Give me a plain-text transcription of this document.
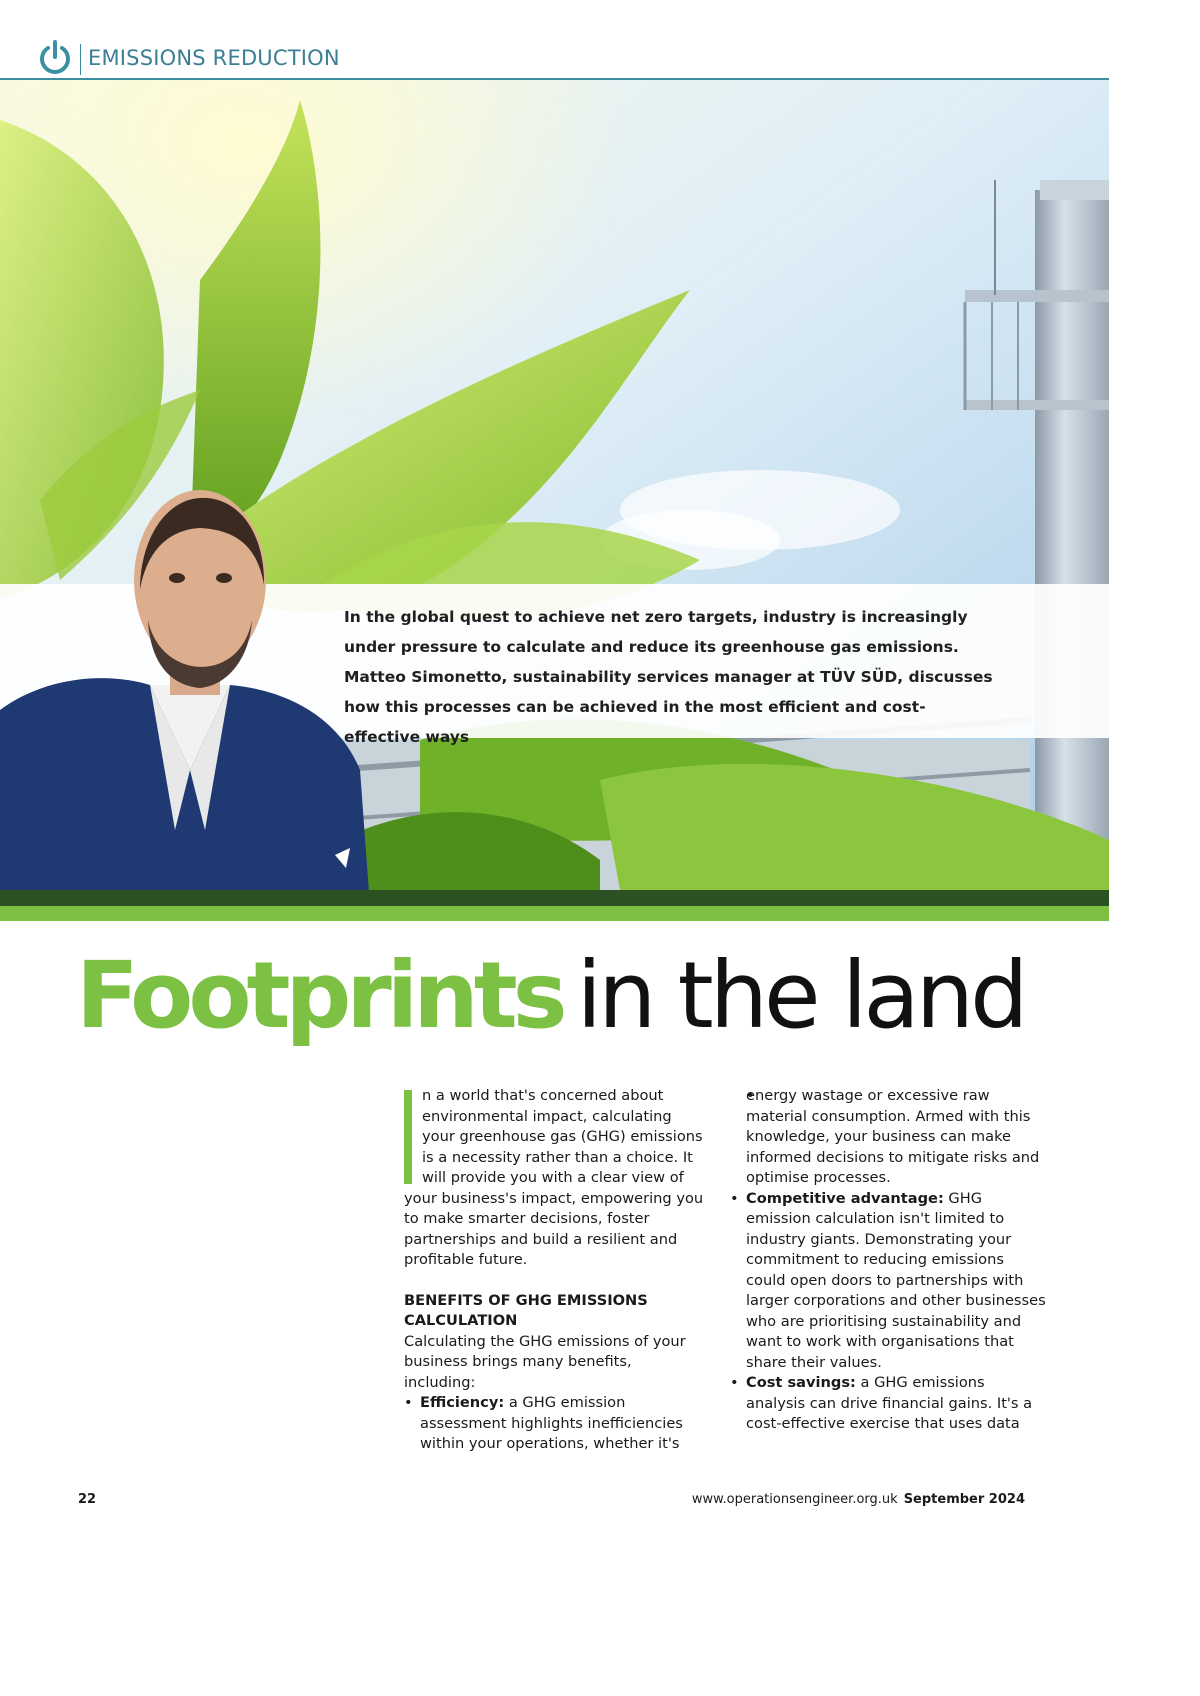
EMISSIONS REDUCTION
In the global quest to achieve net zero targets, industry is increasingly under pressure to calculate and reduce its greenhouse gas emissions. Matteo Simonetto, sustainability services manager at TÜV SÜD, discusses how this processes can be achieved in the most efficient and cost-effective ways
Footprints in the land

n a world that's concerned about environmental impact, calculating your greenhouse gas (GHG) emissions is a necessity rather than a choice. It will provide you with a clear view of

your business's impact, empowering you to make smarter decisions, foster partnerships and build a resilient and profitable future.

BENEFITS OF GHG EMISSIONS CALCULATION

Calculating the GHG emissions of your business brings many benefits, including:

• Efficiency: a GHG emission assessment highlights inefficiencies within your operations, whether it's

• energy wastage or excessive raw material consumption. Armed with this knowledge, your business can make informed decisions to mitigate risks and optimise processes.

• Competitive advantage: GHG emission calculation isn't limited to industry giants. Demonstrating your commitment to reducing emissions could open doors to partnerships with larger corporations and other businesses who are prioritising sustainability and want to work with organisations that share their values.

• Cost savings: a GHG emissions analysis can drive financial gains. It's a cost-effective exercise that uses data

22	www.operationsengineer.org.uk September 2024
